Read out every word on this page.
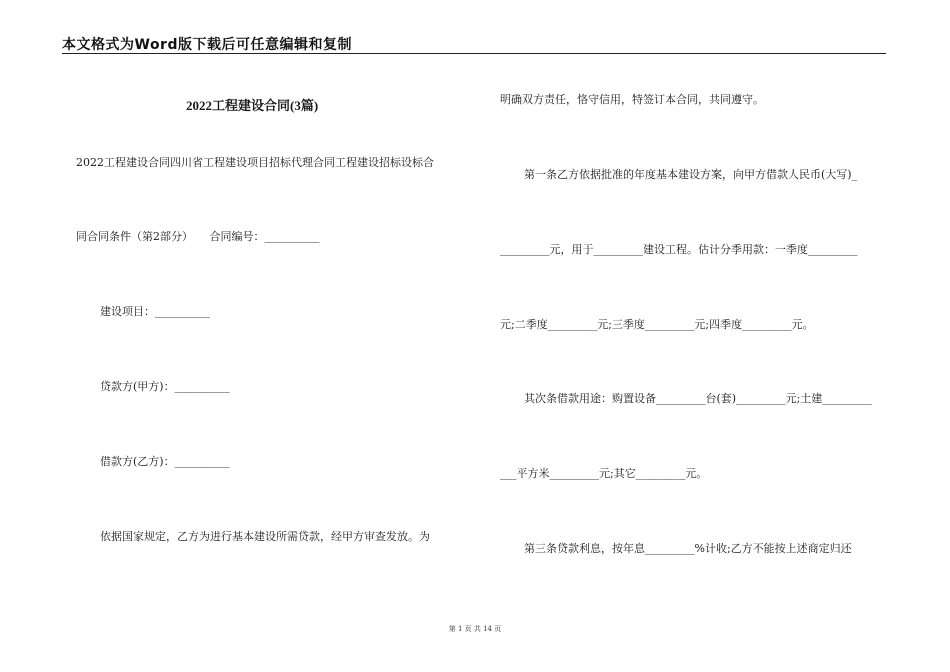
本文格式为Word版下载后可任意编辑和复制
2022工程建设合同(3篇)
2022工程建设合同四川省工程建设项目招标代理合同工程建设招标设标合
同合同条件（第2部分）　　合同编号：__________
建设项目：__________
贷款方(甲方)：__________
借款方(乙方)：__________
依据国家规定，乙方为进行基本建设所需贷款，经甲方审查发放。为
明确双方责任，恪守信用，特签订本合同，共同遵守。
第一条乙方依据批准的年度基本建设方案，向甲方借款人民币(大写)_
_________元，用于_________建设工程。估计分季用款：一季度_________
元;二季度_________元;三季度_________元;四季度_________元。
其次条借款用途：购置设备_________台(套)_________元;土建_________
___平方米_________元;其它_________元。
第三条贷款利息，按年息_________%计收;乙方不能按上述商定归还
第 1 页 共 14 页
